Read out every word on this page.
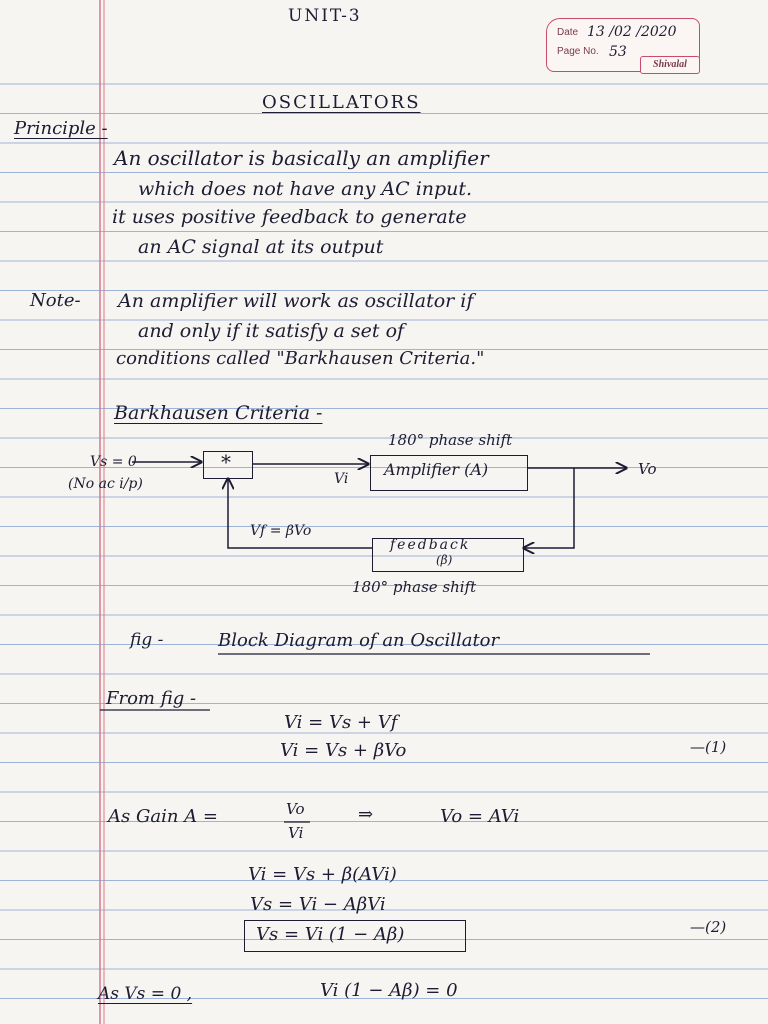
UNIT-3
Date 13 /02 /2020
Page No. 53
Shivalal
OSCILLATORS
Principle -
An oscillator is basically an amplifier
which does not have any AC input.
it uses positive feedback to generate
an AC signal at its output
Note- An amplifier will work as oscillator if
and only if it satisfy a set of
conditions called "Barkhausen Criteria."
Barkhausen Criteria -
180° phase shift
Vs = 0
(No ac i/p)
*
Vi Amplifier (A)	Vo
Vf = βVo
feedback
(β)
180° phase shift
fig -	Block Diagram of an Oscillator
From fig -
Vi = Vs + Vf
Vi = Vs + βVo	—(1)
As Gain A =	Vo
Vi
⇒	Vo = AVi
Vi = Vs + β(AVi)
Vs = Vi − AβVi
Vs = Vi (1 − Aβ)	—(2)
As Vs = 0 ,	Vi (1 − Aβ) = 0
